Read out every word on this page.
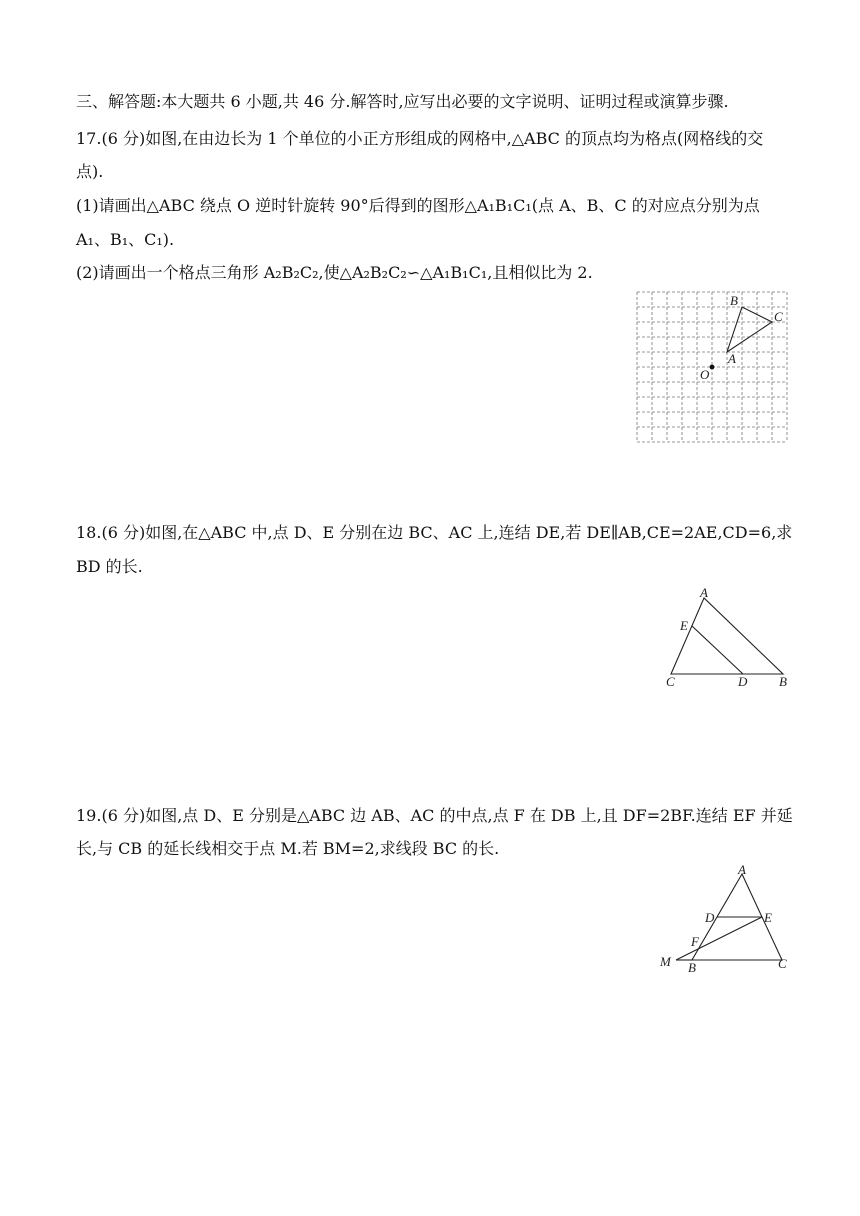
三、解答题:本大题共 6 小题,共 46 分.解答时,应写出必要的文字说明、证明过程或演算步骤.
17.(6 分)如图,在由边长为 1 个单位的小正方形组成的网格中,△ABC 的顶点均为格点(网格线的交
点).
(1)请画出△ABC 绕点 O 逆时针旋转 90°后得到的图形△A₁B₁C₁(点 A、B、C 的对应点分别为点
A₁、B₁、C₁).
(2)请画出一个格点三角形 A₂B₂C₂,使△A₂B₂C₂∽△A₁B₁C₁,且相似比为 2.
B
C
A
O
18.(6 分)如图,在△ABC 中,点 D、E 分别在边 BC、AC 上,连结 DE,若 DE∥AB,CE=2AE,CD=6,求
BD 的长.
A
E
C	D B
19.(6 分)如图,点 D、E 分别是△ABC 边 AB、AC 的中点,点 F 在 DB 上,且 DF=2BF.连结 EF 并延
长,与 CB 的延长线相交于点 M.若 BM=2,求线段 BC 的长.
A
D	E
F
M B	C
